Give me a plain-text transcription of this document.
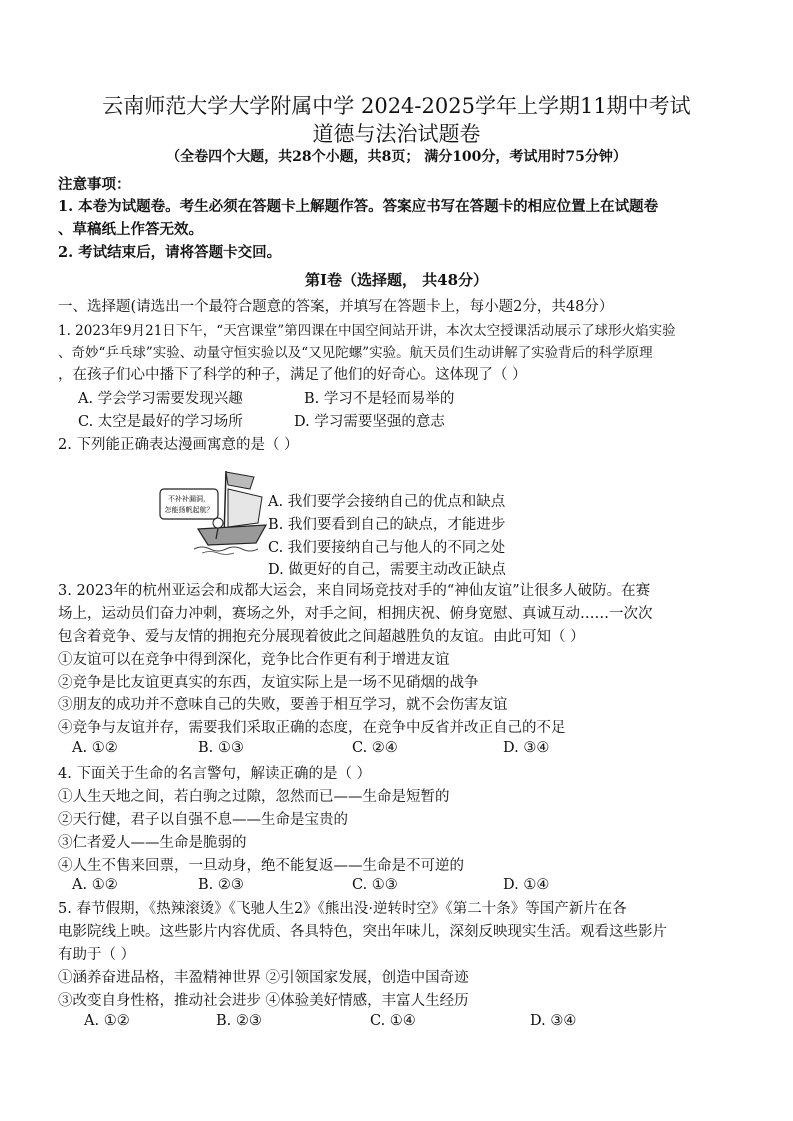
云南师范大学大学附属中学 2024-2025学年上学期11期中考试
道德与法治试题卷
（全卷四个大题，共28个小题，共8页； 满分100分，考试用时75分钟）
注意事项：
1. 本卷为试题卷。考生必须在答题卡上解题作答。答案应书写在答题卡的相应位置上在试题卷
、草稿纸上作答无效。
2. 考试结束后，请将答题卡交回。
第Ⅰ卷（选择题， 共48分）
一、选择题(请选出一个最符合题意的答案，并填写在答题卡上，每小题2分，共48分）
1. 2023年9月21日下午，“天宫课堂”第四课在中国空间站开讲，本次太空授课活动展示了球形火焰实验
、奇妙“乒乓球”实验、动量守恒实验以及“又见陀螺”实验。航天员们生动讲解了实验背后的科学原理
，在孩子们心中播下了科学的种子，满足了他们的好奇心。这体现了（ ）
A. 学会学习需要发现兴趣	B. 学习不是轻而易举的
C. 太空是最好的学习场所	D. 学习需要坚强的意志
2. 下列能正确表达漫画寓意的是（ ）
不补补漏洞，
怎能扬帆起航？
A. 我们要学会接纳自己的优点和缺点
B. 我们要看到自己的缺点，才能进步
C. 我们要接纳自己与他人的不同之处
D. 做更好的自己，需要主动改正缺点
3. 2023年的杭州亚运会和成都大运会，来自同场竞技对手的“神仙友谊”让很多人破防。在赛
场上，运动员们奋力冲刺，赛场之外，对手之间，相拥庆祝、俯身宽慰、真诚互动……一次次
包含着竞争、爱与友情的拥抱充分展现着彼此之间超越胜负的友谊。由此可知（ ）
①友谊可以在竞争中得到深化，竞争比合作更有利于增进友谊
②竞争是比友谊更真实的东西，友谊实际上是一场不见硝烟的战争
③朋友的成功并不意味自己的失败，要善于相互学习，就不会伤害友谊
④竞争与友谊并存，需要我们采取正确的态度，在竞争中反省并改正自己的不足
A. ①②	B. ①③	C. ②④	D. ③④
4. 下面关于生命的名言警句，解读正确的是（ ）
①人生天地之间，若白驹之过隙，忽然而已——生命是短暂的
②天行健，君子以自强不息——生命是宝贵的
③仁者爱人——生命是脆弱的
④人生不售来回票，一旦动身，绝不能复返——生命是不可逆的
A. ①②	B. ②③	C. ①③	D. ①④
5. 春节假期，《热辣滚烫》《飞驰人生2》《熊出没·逆转时空》《第二十条》等国产新片在各
电影院线上映。这些影片内容优质、各具特色，突出年味儿，深刻反映现实生活。观看这些影片
有助于（ ）
①涵养奋进品格，丰盈精神世界 ②引领国家发展，创造中国奇迹
③改变自身性格，推动社会进步 ④体验美好情感，丰富人生经历
A. ①②	B. ②③	C. ①④	D. ③④
